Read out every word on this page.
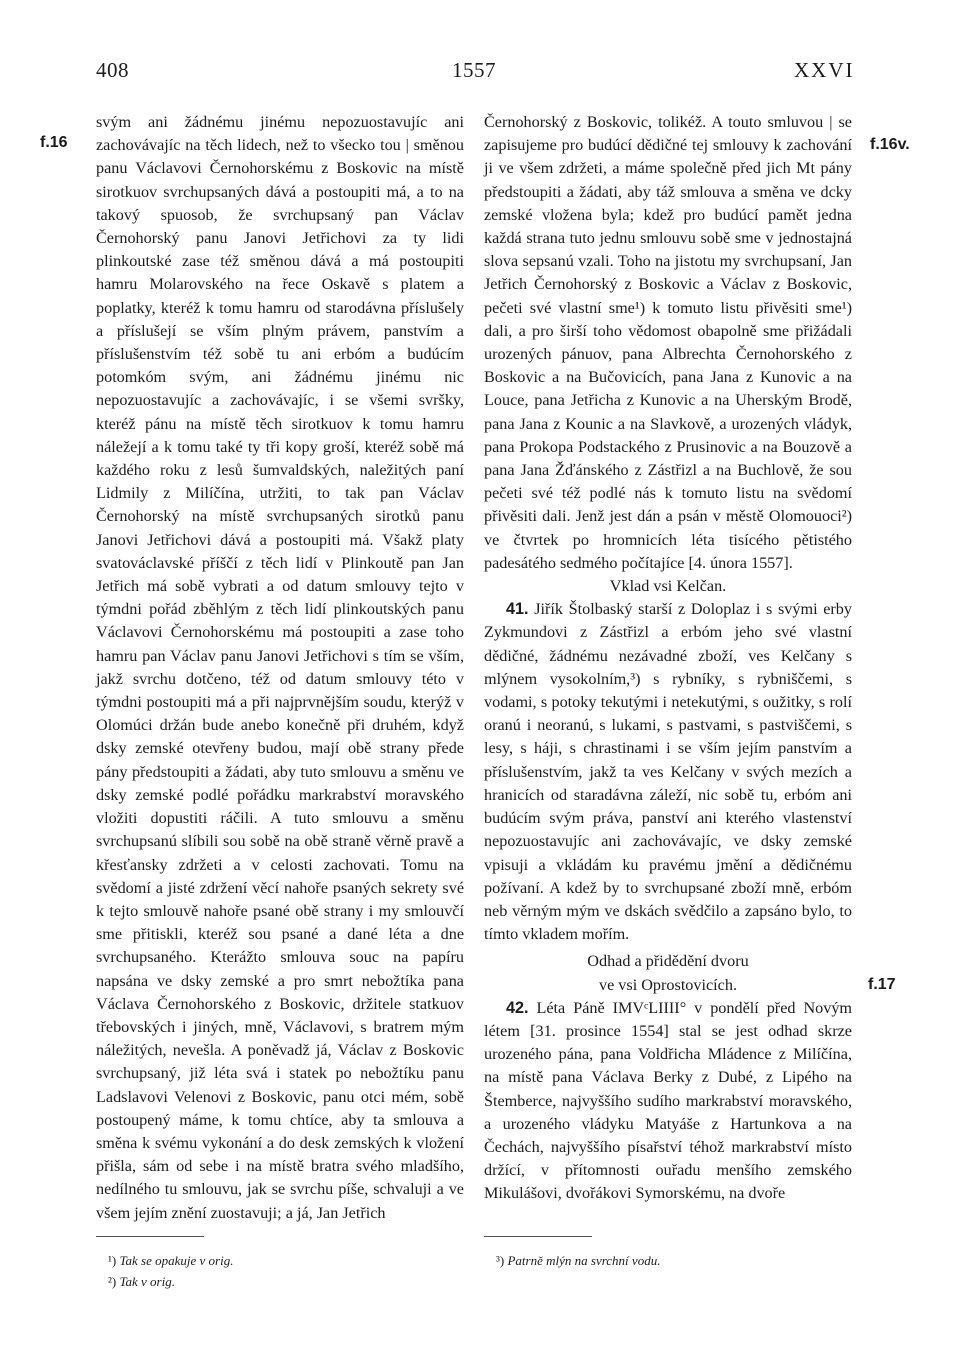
408	1557	XXVI
f.16	f.16v.
f.17

svým ani žádnému jinému nepozuostavujíc ani zachovávajíc na těch lidech, než to všecko tou | směnou panu Václavovi Černohorskému z Boskovic na místě sirotkuov svrchupsaných dává a postoupiti má, a to na takový spuosob, že svrchupsaný pan Václav Černohorský panu Janovi Jetřichovi za ty lidi plinkoutské zase též směnou dává a má postoupiti hamru Molarovského na řece Oskavě s platem a poplatky, kteréž k tomu hamru od starodávna příslušely a příslušejí se vším plným právem, panstvím a příslušenstvím též sobě tu ani erbóm a budúcím potomkóm svým, ani žádnému jinému nic nepozuostavujíc a zachovávajíc, i se všemi svršky, kteréž pánu na místě těch sirotkuov k tomu hamru náležejí a k tomu také ty tři kopy groší, kteréž sobě má každého roku z lesů šumvaldských, naležitých paní Lidmily z Milíčína, utržiti, to tak pan Václav Černohorský na místě svrchupsaných sirotků panu Janovi Jetřichovi dává a postoupiti má. Všakž platy svatováclavské příščí z těch lidí v Plinkoutě pan Jan Jetřich má sobě vybrati a od datum smlouvy tejto v týmdni pořád zběhlým z těch lidí plinkoutských panu Václavovi Černohorskému má postoupiti a zase toho hamru pan Václav panu Janovi Jetřichovi s tím se vším, jakž svrchu dotčeno, též od datum smlouvy této v týmdni postoupiti má a při najprvnějším soudu, kterýž v Olomúci držán bude anebo konečně při druhém, když dsky zemské otevřeny budou, mají obě strany přede pány předstoupiti a žádati, aby tuto smlouvu a směnu ve dsky zemské podlé pořádku markrabství moravského vložiti dopustiti ráčili. A tuto smlouvu a směnu svrchupsanú slíbili sou sobě na obě straně věrně pravě a křesťansky zdržeti a v celosti zachovati. Tomu na svědomí a jisté zdržení věcí nahoře psaných sekrety své k tejto smlouvě nahoře psané obě strany i my smlouvčí sme přitiskli, kteréž sou psané a dané léta a dne svrchupsaného. Kterážto smlouva souc na papíru napsána ve dsky zemské a pro smrt nebožtíka pana Václava Černohorského z Boskovic, držitele statkuov třebovských i jiných, mně, Václavovi, s bratrem mým náležitých, nevešla. A poněvadž já, Václav z Boskovic svrchupsaný, již léta svá i statek po nebožtíku panu Ladslavovi Velenovi z Boskovic, panu otci mém, sobě postoupený máme, k tomu chtíce, aby ta smlouva a směna k svému vykonání a do desk zemských k vložení přišla, sám od sebe i na místě bratra svého mladšího, nedílného tu smlouvu, jak se svrchu píše, schvaluji a ve všem jejím znění zuostavuji; a já, Jan Jetřich

Černohorský z Boskovic, tolikéž. A touto smluvou | se zapisujeme pro budúcí dědičné tej smlouvy k zachování ji ve všem zdržeti, a máme společně před jich Mt pány předstoupiti a žádati, aby táž smlouva a směna ve dcky zemské vložena byla; kdež pro budúcí pamět jedna každá strana tuto jednu smlouvu sobě sme v jednostajná slova sepsanú vzali. Toho na jistotu my svrchupsaní, Jan Jetřich Černohorský z Boskovic a Václav z Boskovic, pečeti své vlastní sme¹) k tomuto listu přivěsiti sme¹) dali, a pro širší toho vědomost obapolně sme přižádali urozených pánuov, pana Albrechta Černohorského z Boskovic a na Bučovicích, pana Jana z Kunovic a na Louce, pana Jetřicha z Kunovic a na Uherským Brodě, pana Jana z Kounic a na Slavkově, a urozených vládyk, pana Prokopa Podstackého z Prusinovic a na Bouzově a pana Jana Žďánského z Zástřizl a na Buchlově, že sou pečeti své též podlé nás k tomuto listu na svědomí přivěsiti dali. Jenž jest dán a psán v městě Olomouoci²) ve čtvrtek po hromnicích léta tisícého pětistého padesátého sedmého počítajíce [4. února 1557].

Vklad vsi Kelčan.

41. Jiřík Štolbaský starší z Doloplaz i s svými erby Zykmundovi z Zástřizl a erbóm jeho své vlastní dědičné, žádnému nezávadné zboží, ves Kelčany s mlýnem vysokolním,³) s rybníky, s rybniščemi, s vodami, s potoky tekutými i netekutými, s oužitky, s rolí oranú i neoranú, s lukami, s pastvami, s pastviščemi, s lesy, s háji, s chrastinami i se vším jejím panstvím a příslušenstvím, jakž ta ves Kelčany v svých mezích a hranicích od staradávna záleží, nic sobě tu, erbóm ani budúcím svým práva, panství ani kterého vlastenství nepozuostavujíc ani zachovávajíc, ve dsky zemské vpisuji a vkládám ku pravému jmění a dědičnému požívaní. A kdež by to svrchupsané zboží mně, erbóm neb věrným mým ve dskách svědčilo a zapsáno bylo, to tímto vkladem mořím.

Odhad a přidědění dvoru

ve vsi Oprostovicích.

42. Léta Páně IMVᶜLIIII° v pondělí před Novým létem [31. prosince 1554] stal se jest odhad skrze urozeného pána, pana Voldřicha Mládence z Milíčína, na místě pana Václava Berky z Dubé, z Lipého na Štemberce, najvyššího sudího markrabství moravského, a urozeného vládyku Matyáše z Hartunkova a na Čechách, najvyššího písařství téhož markrabství místo držící, v přítomnosti ouřadu menšího zemského Mikulášovi, dvořákovi Symorskému, na dvoře

¹) Tak se opakuje v orig.
²) Tak v orig.
³) Patrně mlýn na svrchní vodu.
